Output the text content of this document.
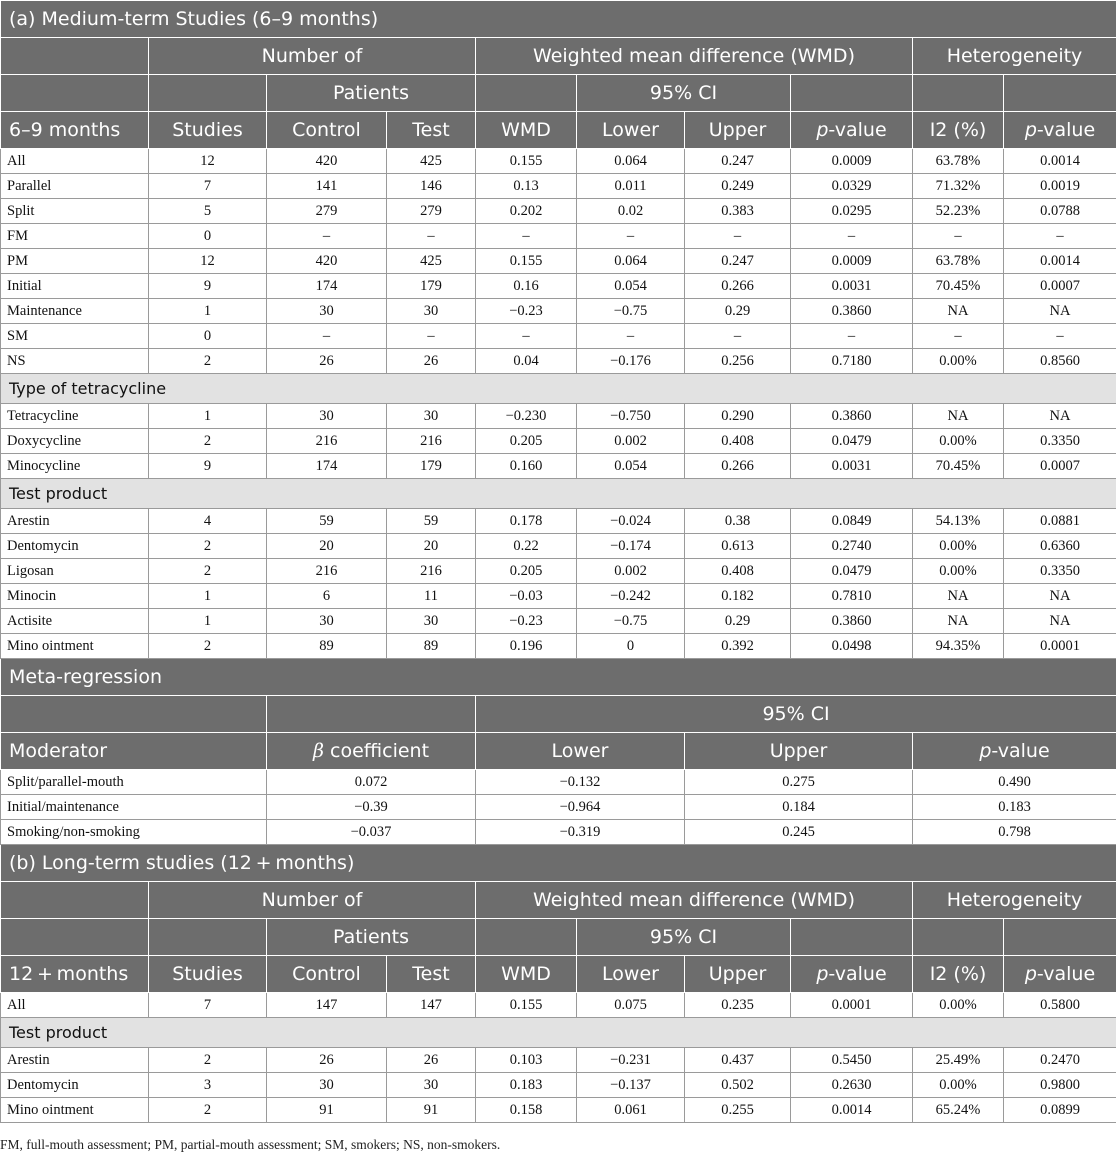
(a) Medium-term Studies (6–9 months)									
	Number of			Weighted mean difference (WMD)				Heterogeneity	
		Patients			95% CI				
6–9 months	Studies	Control	Test	WMD	Lower	Upper	p-value	I2 (%)	p-value
All	12	420	425	0.155	0.064	0.247	0.0009	63.78%	0.0014
Parallel	7	141	146	0.13	0.011	0.249	0.0329	71.32%	0.0019
Split	5	279	279	0.202	0.02	0.383	0.0295	52.23%	0.0788
FM	0	–	–	–	–	–	–	–	–
PM	12	420	425	0.155	0.064	0.247	0.0009	63.78%	0.0014
Initial	9	174	179	0.16	0.054	0.266	0.0031	70.45%	0.0007
Maintenance	1	30	30	−0.23	−0.75	0.29	0.3860	NA	NA
SM	0	–	–	–	–	–	–	–	–
NS	2	26	26	0.04	−0.176	0.256	0.7180	0.00%	0.8560
Type of tetracycline									
Tetracycline	1	30	30	−0.230	−0.750	0.290	0.3860	NA	NA
Doxycycline	2	216	216	0.205	0.002	0.408	0.0479	0.00%	0.3350
Minocycline	9	174	179	0.160	0.054	0.266	0.0031	70.45%	0.0007
Test product									
Arestin	4	59	59	0.178	−0.024	0.38	0.0849	54.13%	0.0881
Dentomycin	2	20	20	0.22	−0.174	0.613	0.2740	0.00%	0.6360
Ligosan	2	216	216	0.205	0.002	0.408	0.0479	0.00%	0.3350
Minocin	1	6	11	−0.03	−0.242	0.182	0.7810	NA	NA
Actisite	1	30	30	−0.23	−0.75	0.29	0.3860	NA	NA
Mino ointment	2	89	89	0.196	0	0.392	0.0498	94.35%	0.0001
Meta-regression									
				95% CI					
Moderator		β coefficient		Lower		Upper		p-value	
Split/parallel-mouth		0.072		−0.132		0.275		0.490	
Initial/maintenance		−0.39		−0.964		0.184		0.183	
Smoking/non-smoking		−0.037		−0.319		0.245		0.798	
(b) Long-term studies (12 + months)									
	Number of			Weighted mean difference (WMD)				Heterogeneity	
		Patients			95% CI				
12 + months	Studies	Control	Test	WMD	Lower	Upper	p-value	I2 (%)	p-value
All	7	147	147	0.155	0.075	0.235	0.0001	0.00%	0.5800
Test product									
Arestin	2	26	26	0.103	−0.231	0.437	0.5450	25.49%	0.2470
Dentomycin	3	30	30	0.183	−0.137	0.502	0.2630	0.00%	0.9800
Mino ointment	2	91	91	0.158	0.061	0.255	0.0014	65.24%	0.0899
FM, full-mouth assessment; PM, partial-mouth assessment; SM, smokers; NS, non-smokers.
